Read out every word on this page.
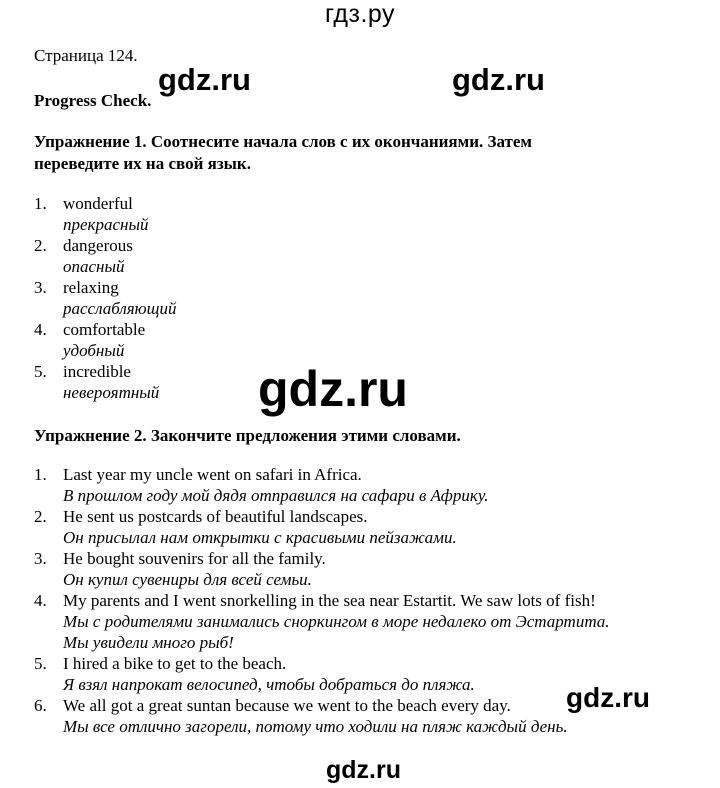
гдз.ру
gdz.ru	gdz.ru
gdz.ru
gdz.ru
gdz.ru
Страница 124.
Progress Check.
Упражнение 1. Соотнесите начала слов с их окончаниями. Затем
переведите их на свой язык.
1. wonderful
прекрасный
2. dangerous
опасный
3. relaxing
расслабляющий
4. comfortable
удобный
5. incredible
невероятный
Упражнение 2. Закончите предложения этими словами.
1. Last year my uncle went on safari in Africa.
В прошлом году мой дядя отправился на сафари в Африку.
2. He sent us postcards of beautiful landscapes.
Он присылал нам открытки с красивыми пейзажами.
3. He bought souvenirs for all the family.
Он купил сувениры для всей семьи.
4. My parents and I went snorkelling in the sea near Estartit. We saw lots of fish!
Мы с родителями занимались сноркингом в море недалеко от Эстартита.
Мы увидели много рыб!
5. I hired a bike to get to the beach.
Я взял напрокат велосипед, чтобы добраться до пляжа.
6. We all got a great suntan because we went to the beach every day.
Мы все отлично загорели, потому что ходили на пляж каждый день.
